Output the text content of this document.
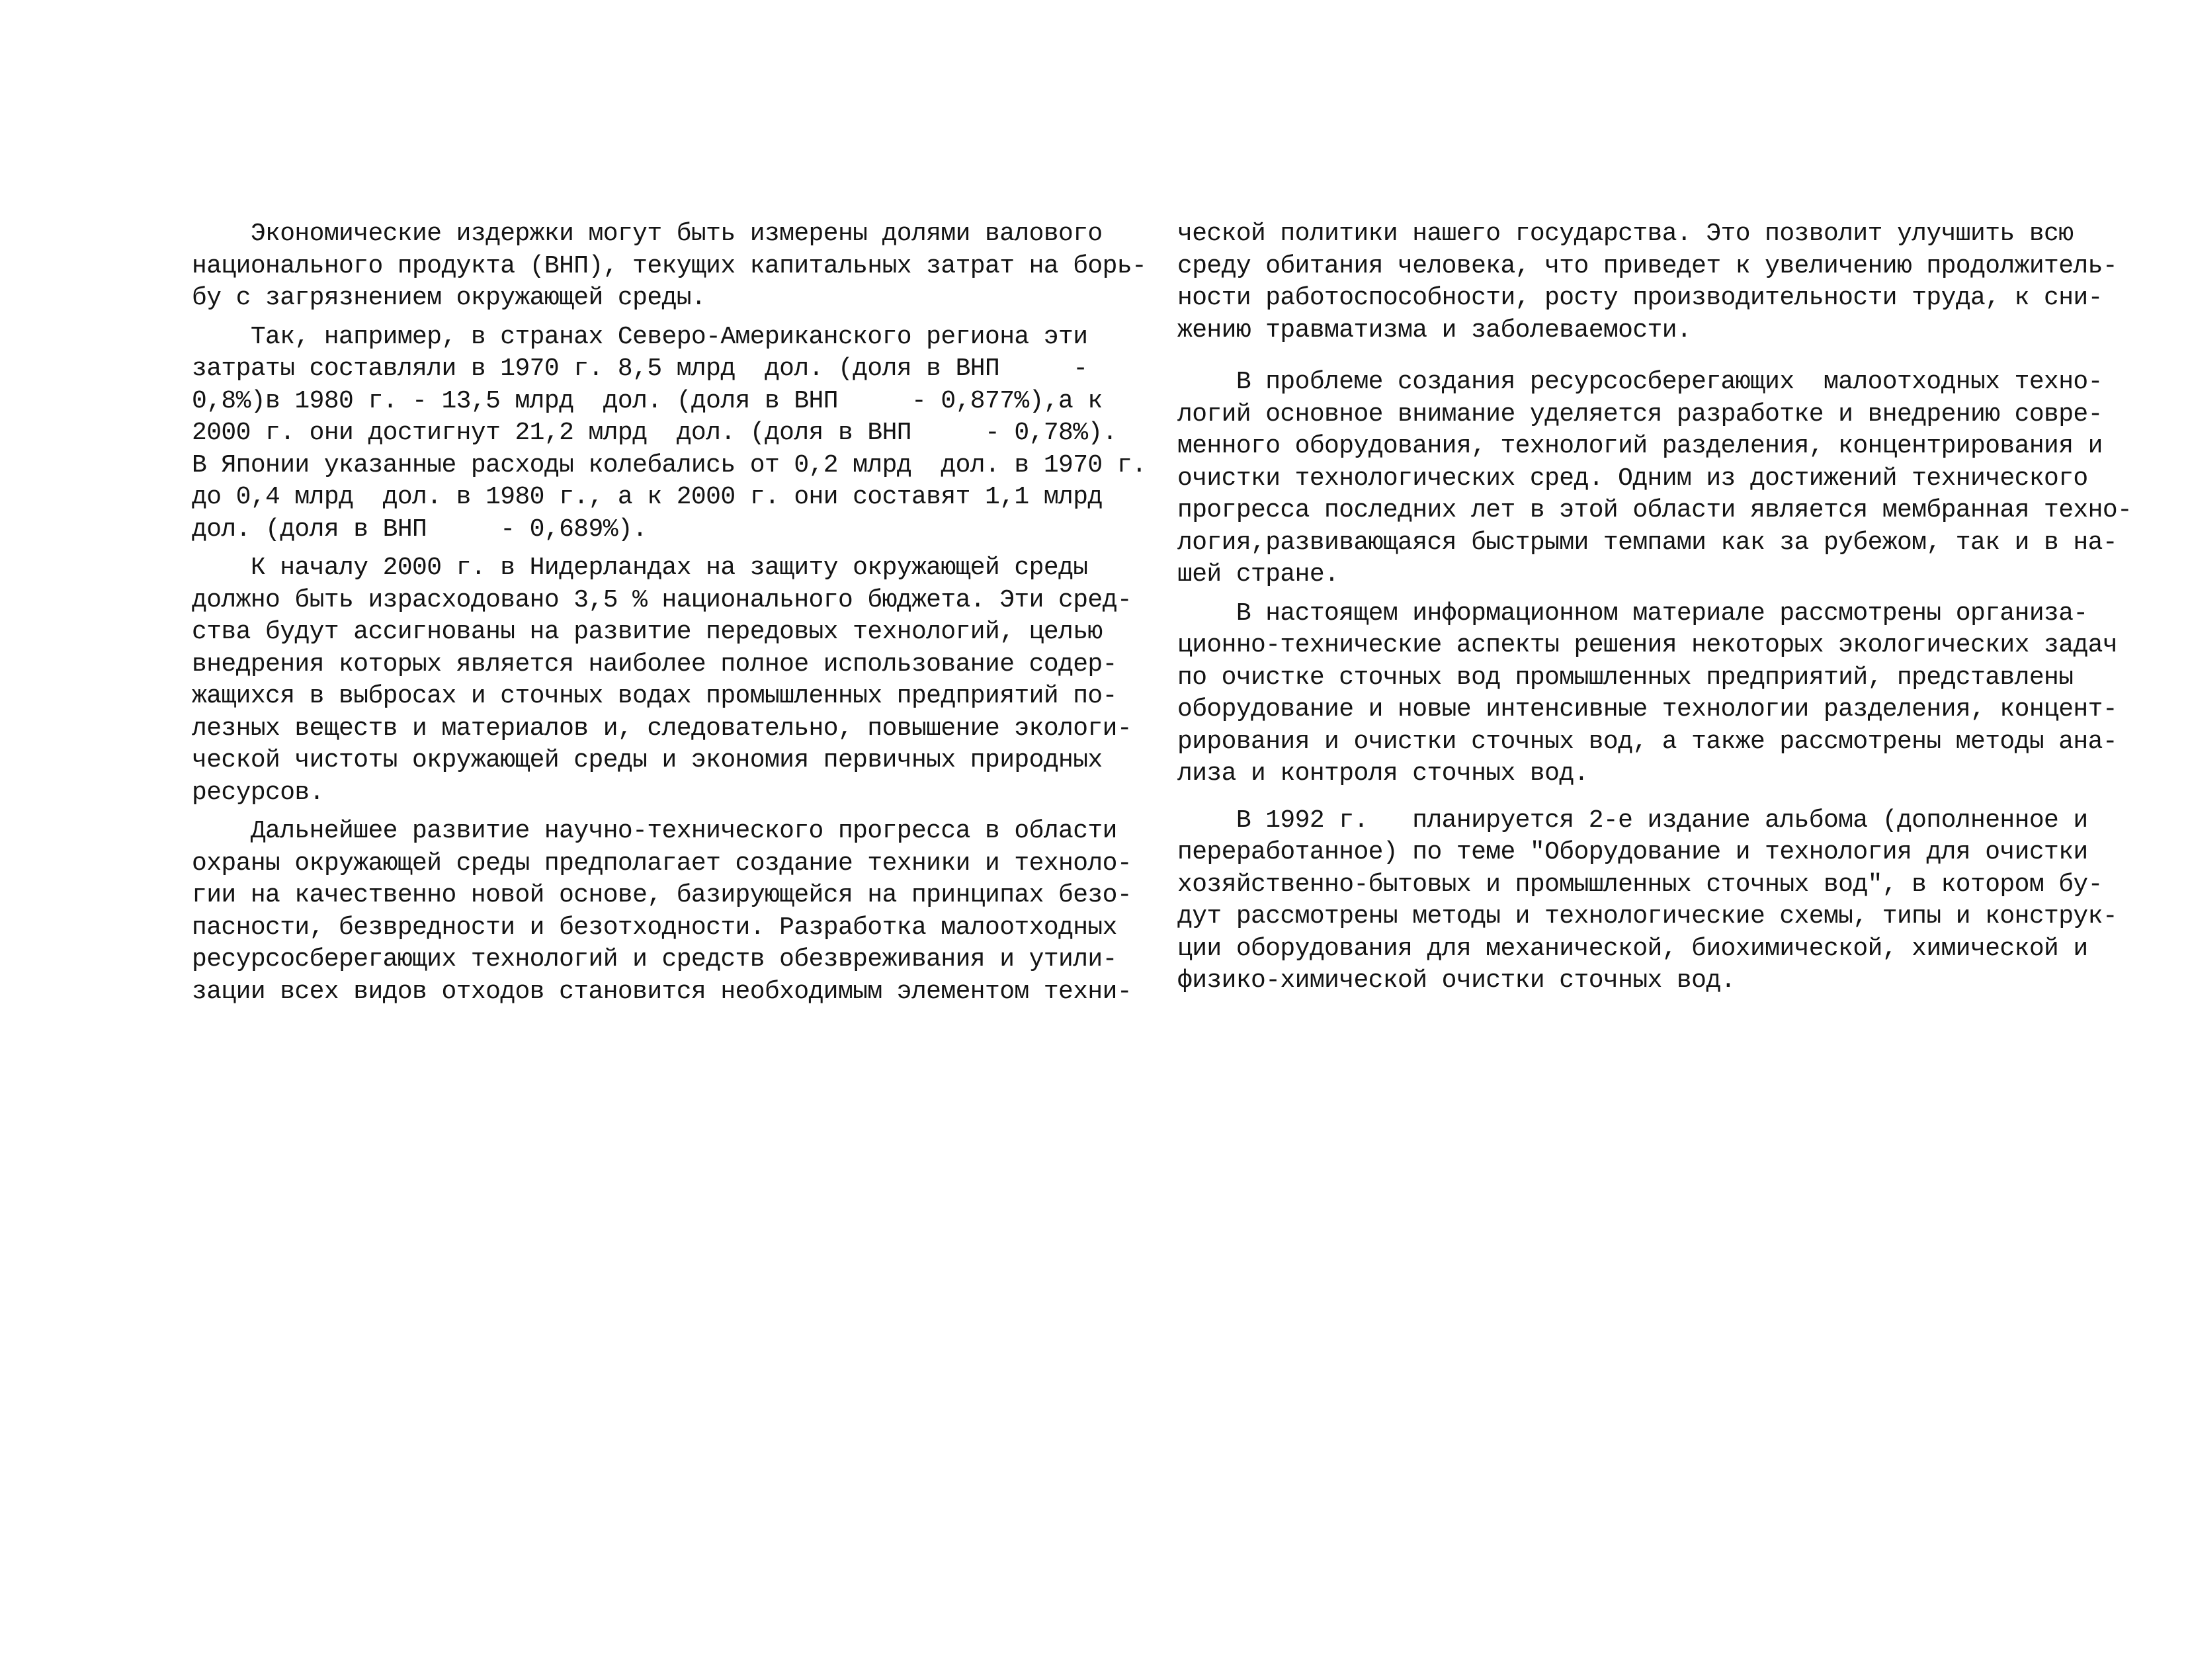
Экономические издержки могут быть измерены долями валового
национального продукта (ВНП), текущих капитальных затрат на борь-
бу с загрязнением окружающей среды.
Так, например, в странах Северо-Американского региона эти
затраты составляли в 1970 г. 8,5 млрд  дол. (доля в ВНП     -
0,8%)в 1980 г. - 13,5 млрд  дол. (доля в ВНП     - 0,877%),а к
2000 г. они достигнут 21,2 млрд  дол. (доля в ВНП     - 0,78%).
В Японии указанные расходы колебались от 0,2 млрд  дол. в 1970 г.
до 0,4 млрд  дол. в 1980 г., а к 2000 г. они составят 1,1 млрд
дол. (доля в ВНП     - 0,689%).
К началу 2000 г. в Нидерландах на защиту окружающей среды
должно быть израсходовано 3,5 % национального бюджета. Эти сред-
ства будут ассигнованы на развитие передовых технологий, целью
внедрения которых является наиболее полное использование содер-
жащихся в выбросах и сточных водах промышленных предприятий по-
лезных веществ и материалов и, следовательно, повышение экологи-
ческой чистоты окружающей среды и экономия первичных природных
ресурсов.
Дальнейшее развитие научно-технического прогресса в области
охраны окружающей среды предполагает создание техники и техноло-
гии на качественно новой основе, базирующейся на принципах безо-
пасности, безвредности и безотходности. Разработка малоотходных
ресурсосберегающих технологий и средств обезвреживания и утили-
зации всех видов отходов становится необходимым элементом техни-
ческой политики нашего государства. Это позволит улучшить всю
среду обитания человека, что приведет к увеличению продолжитель-
ности работоспособности, росту производительности труда, к сни-
жению травматизма и заболеваемости.
В проблеме создания ресурсосберегающих  малоотходных техно-
логий основное внимание уделяется разработке и внедрению совре-
менного оборудования, технологий разделения, концентрирования и
очистки технологических сред. Одним из достижений технического
прогресса последних лет в этой области является мембранная техно-
логия,развивающаяся быстрыми темпами как за рубежом, так и в на-
шей стране.
В настоящем информационном материале рассмотрены организа-
ционно-технические аспекты решения некоторых экологических задач
по очистке сточных вод промышленных предприятий, представлены
оборудование и новые интенсивные технологии разделения, концент-
рирования и очистки сточных вод, а также рассмотрены методы ана-
лиза и контроля сточных вод.
В 1992 г.   планируется 2-е издание альбома (дополненное и
переработанное) по теме "Оборудование и технология для очистки
хозяйственно-бытовых и промышленных сточных вод", в котором бу-
дут рассмотрены методы и технологические схемы, типы и конструк-
ции оборудования для механической, биохимической, химической и
физико-химической очистки сточных вод.
